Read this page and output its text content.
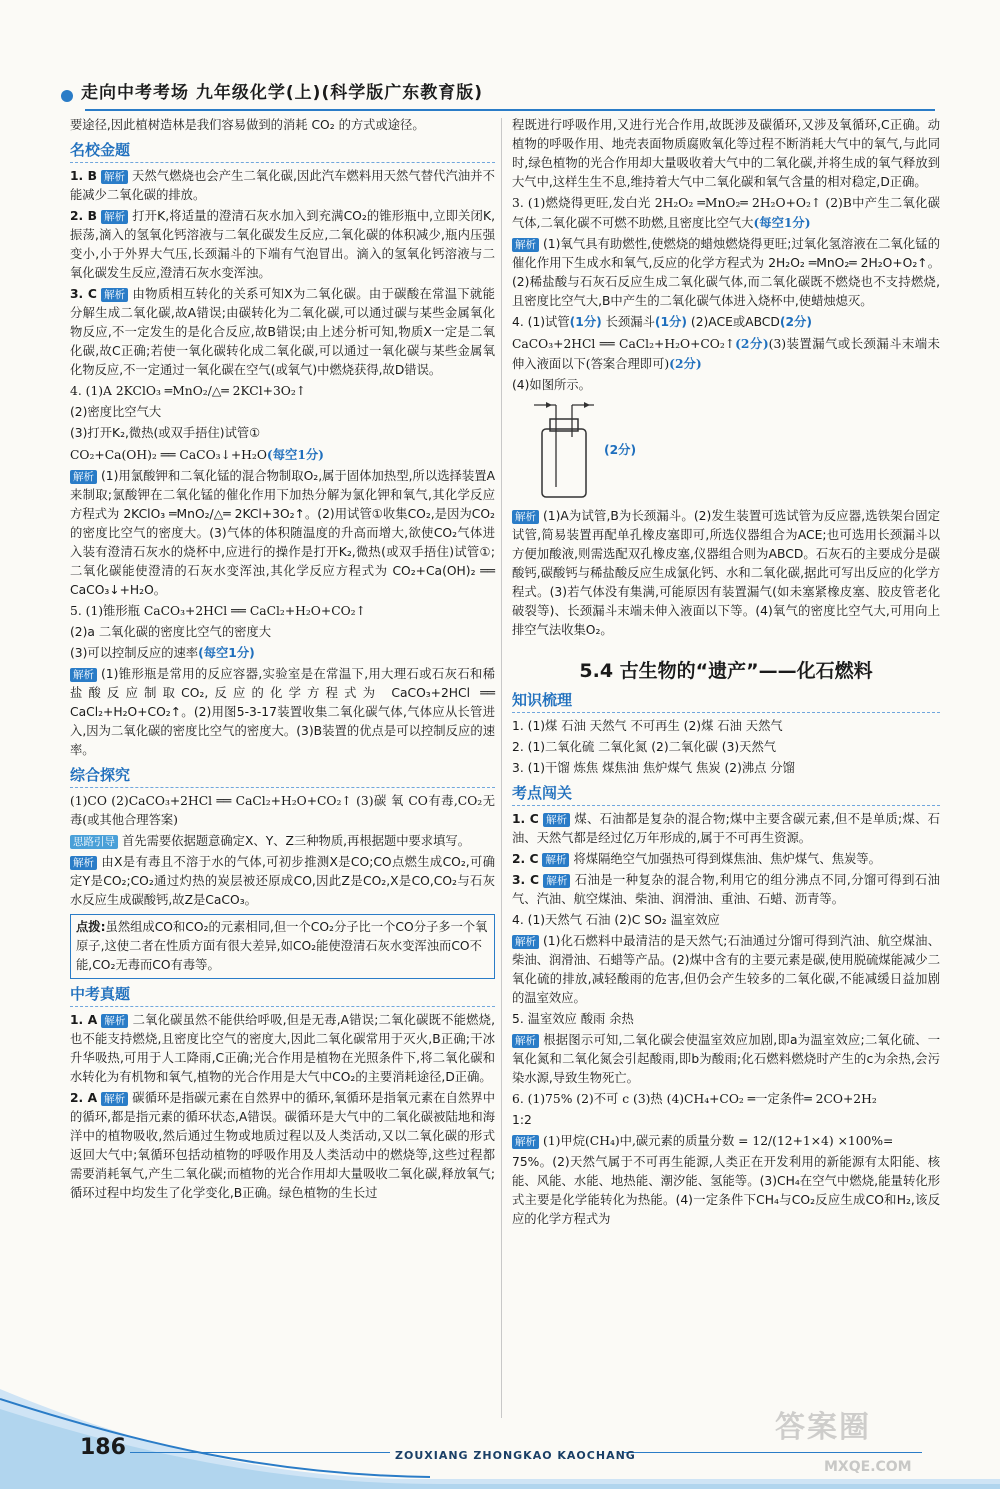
走向中考考场 九年级化学(上)(科学版广东教育版)

要途径,因此植树造林是我们容易做到的消耗 CO₂ 的方式或途径。

名校金题

1. B 解析 天然气燃烧也会产生二氧化碳,因此汽车燃料用天然气替代汽油并不能减少二氧化碳的排放。

2. B 解析 打开K,将适量的澄清石灰水加入到充满CO₂的锥形瓶中,立即关闭K,振荡,滴入的氢氧化钙溶液与二氧化碳发生反应,二氧化碳的体积减少,瓶内压强变小,小于外界大气压,长颈漏斗的下端有气泡冒出。滴入的氢氧化钙溶液与二氧化碳发生反应,澄清石灰水变浑浊。

3. C 解析 由物质相互转化的关系可知X为二氧化碳。由于碳酸在常温下就能分解生成二氧化碳,故A错误;由碳转化为二氧化碳,可以通过碳与某些金属氧化物反应,不一定发生的是化合反应,故B错误;由上述分析可知,物质X一定是二氧化碳,故C正确;若使一氧化碳转化成二氧化碳,可以通过一氧化碳与某些金属氧化物反应,不一定通过一氧化碳在空气(或氧气)中燃烧获得,故D错误。

4. (1)A 2KClO₃ ═MnO₂/△═ 2KCl+3O₂↑

(2)密度比空气大

(3)打开K₂,微热(或双手捂住)试管①

CO₂+Ca(OH)₂ ══ CaCO₃↓+H₂O(每空1分)

解析 (1)用氯酸钾和二氧化锰的混合物制取O₂,属于固体加热型,所以选择装置A来制取;氯酸钾在二氧化锰的催化作用下加热分解为氯化钾和氧气,其化学反应方程式为 2KClO₃ ═MnO₂/△═ 2KCl+3O₂↑。(2)用试管①收集CO₂,是因为CO₂的密度比空气的密度大。(3)气体的体积随温度的升高而增大,欲使CO₂气体进入装有澄清石灰水的烧杯中,应进行的操作是打开K₂,微热(或双手捂住)试管①;二氧化碳能使澄清的石灰水变浑浊,其化学反应方程式为 CO₂+Ca(OH)₂ ══ CaCO₃↓+H₂O。

5. (1)锥形瓶 CaCO₃+2HCl ══ CaCl₂+H₂O+CO₂↑

(2)a 二氧化碳的密度比空气的密度大

(3)可以控制反应的速率(每空1分)

解析 (1)锥形瓶是常用的反应容器,实验室是在常温下,用大理石或石灰石和稀盐酸反应制取CO₂,反应的化学方程式为 CaCO₃+2HCl ══ CaCl₂+H₂O+CO₂↑。(2)用图5-3-17装置收集二氧化碳气体,气体应从长管进入,因为二氧化碳的密度比空气的密度大。(3)B装置的优点是可以控制反应的速率。

综合探究

(1)CO (2)CaCO₃+2HCl ══ CaCl₂+H₂O+CO₂↑ (3)碳 氧 CO有毒,CO₂无毒(或其他合理答案)

思路引导 首先需要依据题意确定X、Y、Z三种物质,再根据题中要求填写。

解析 由X是有毒且不溶于水的气体,可初步推测X是CO;CO点燃生成CO₂,可确定Y是CO₂;CO₂通过灼热的炭层被还原成CO,因此Z是CO₂,X是CO,CO₂与石灰水反应生成碳酸钙,故Z是CaCO₃。

点拨:虽然组成CO和CO₂的元素相同,但一个CO₂分子比一个CO分子多一个氧原子,这使二者在性质方面有很大差异,如CO₂能使澄清石灰水变浑浊而CO不能,CO₂无毒而CO有毒等。
中考真题

1. A 解析 二氧化碳虽然不能供给呼吸,但是无毒,A错误;二氧化碳既不能燃烧,也不能支持燃烧,且密度比空气的密度大,因此二氧化碳常用于灭火,B正确;干冰升华吸热,可用于人工降雨,C正确;光合作用是植物在光照条件下,将二氧化碳和水转化为有机物和氧气,植物的光合作用是大气中CO₂的主要消耗途径,D正确。

2. A 解析 碳循环是指碳元素在自然界中的循环,氧循环是指氧元素在自然界中的循环,都是指元素的循环状态,A错误。碳循环是大气中的二氧化碳被陆地和海洋中的植物吸收,然后通过生物或地质过程以及人类活动,又以二氧化碳的形式返回大气中;氧循环包括动植物的呼吸作用及人类活动中的燃烧等,这些过程都需要消耗氧气,产生二氧化碳;而植物的光合作用却大量吸收二氧化碳,释放氧气;循环过程中均发生了化学变化,B正确。绿色植物的生长过

程既进行呼吸作用,又进行光合作用,故既涉及碳循环,又涉及氧循环,C正确。动植物的呼吸作用、地壳表面物质腐败氧化等过程不断消耗大气中的氧气,与此同时,绿色植物的光合作用却大量吸收着大气中的二氧化碳,并将生成的氧气释放到大气中,这样生生不息,维持着大气中二氧化碳和氧气含量的相对稳定,D正确。

3. (1)燃烧得更旺,发白光 2H₂O₂ ═MnO₂═ 2H₂O+O₂↑ (2)B中产生二氧化碳气体,二氧化碳不可燃不助燃,且密度比空气大(每空1分)

解析 (1)氧气具有助燃性,使燃烧的蜡烛燃烧得更旺;过氧化氢溶液在二氧化锰的催化作用下生成水和氧气,反应的化学方程式为 2H₂O₂ ═MnO₂═ 2H₂O+O₂↑。(2)稀盐酸与石灰石反应生成二氧化碳气体,而二氧化碳既不燃烧也不支持燃烧,且密度比空气大,B中产生的二氧化碳气体进入烧杯中,使蜡烛熄灭。

4. (1)试管(1分) 长颈漏斗(1分) (2)ACE或ABCD(2分)

CaCO₃+2HCl ══ CaCl₂+H₂O+CO₂↑(2分)(3)装置漏气或长颈漏斗末端未伸入液面以下(答案合理即可)(2分)

(4)如图所示。

(2分)

解析 (1)A为试管,B为长颈漏斗。(2)发生装置可选试管为反应器,选铁架台固定试管,简易装置再配单孔橡皮塞即可,所选仪器组合为ACE;也可选用长颈漏斗以方便加酸液,则需选配双孔橡皮塞,仪器组合则为ABCD。石灰石的主要成分是碳酸钙,碳酸钙与稀盐酸反应生成氯化钙、水和二氧化碳,据此可写出反应的化学方程式。(3)若气体没有集满,可能原因有装置漏气(如未塞紧橡皮塞、胶皮管老化破裂等)、长颈漏斗末端未伸入液面以下等。(4)氧气的密度比空气大,可用向上排空气法收集O₂。

5.4 古生物的“遗产”——化石燃料
知识梳理

1. (1)煤 石油 天然气 不可再生 (2)煤 石油 天然气

2. (1)二氧化硫 二氧化氮 (2)二氧化碳 (3)天然气

3. (1)干馏 炼焦 煤焦油 焦炉煤气 焦炭 (2)沸点 分馏

考点闯关

1. C 解析 煤、石油都是复杂的混合物;煤中主要含碳元素,但不是单质;煤、石油、天然气都是经过亿万年形成的,属于不可再生资源。

2. C 解析 将煤隔绝空气加强热可得到煤焦油、焦炉煤气、焦炭等。

3. C 解析 石油是一种复杂的混合物,利用它的组分沸点不同,分馏可得到石油气、汽油、航空煤油、柴油、润滑油、重油、石蜡、沥青等。

4. (1)天然气 石油 (2)C SO₂ 温室效应

解析 (1)化石燃料中最清洁的是天然气;石油通过分馏可得到汽油、航空煤油、柴油、润滑油、石蜡等产品。(2)煤中含有的主要元素是碳,使用脱硫煤能减少二氧化硫的排放,减轻酸雨的危害,但仍会产生较多的二氧化碳,不能减缓日益加剧的温室效应。

5. 温室效应 酸雨 余热

解析 根据图示可知,二氧化碳会使温室效应加剧,即a为温室效应;二氧化硫、一氧化氮和二氧化氮会引起酸雨,即b为酸雨;化石燃料燃烧时产生的c为余热,会污染水源,导致生物死亡。

6. (1)75% (2)不可 c (3)热 (4)CH₄+CO₂ ═一定条件═ 2CO+2H₂

1:2

解析 (1)甲烷(CH₄)中,碳元素的质量分数 = 12/(12+1×4) ×100%=

75%。(2)天然气属于不可再生能源,人类正在开发利用的新能源有太阳能、核能、风能、水能、地热能、潮汐能、氢能等。(3)CH₄在空气中燃烧,能量转化形式主要是化学能转化为热能。(4)一定条件下CH₄与CO₂反应生成CO和H₂,该反应的化学方程式为

186	ZOUXIANG ZHONGKAO KAOCHANG
答案圈
MXQE.COM
